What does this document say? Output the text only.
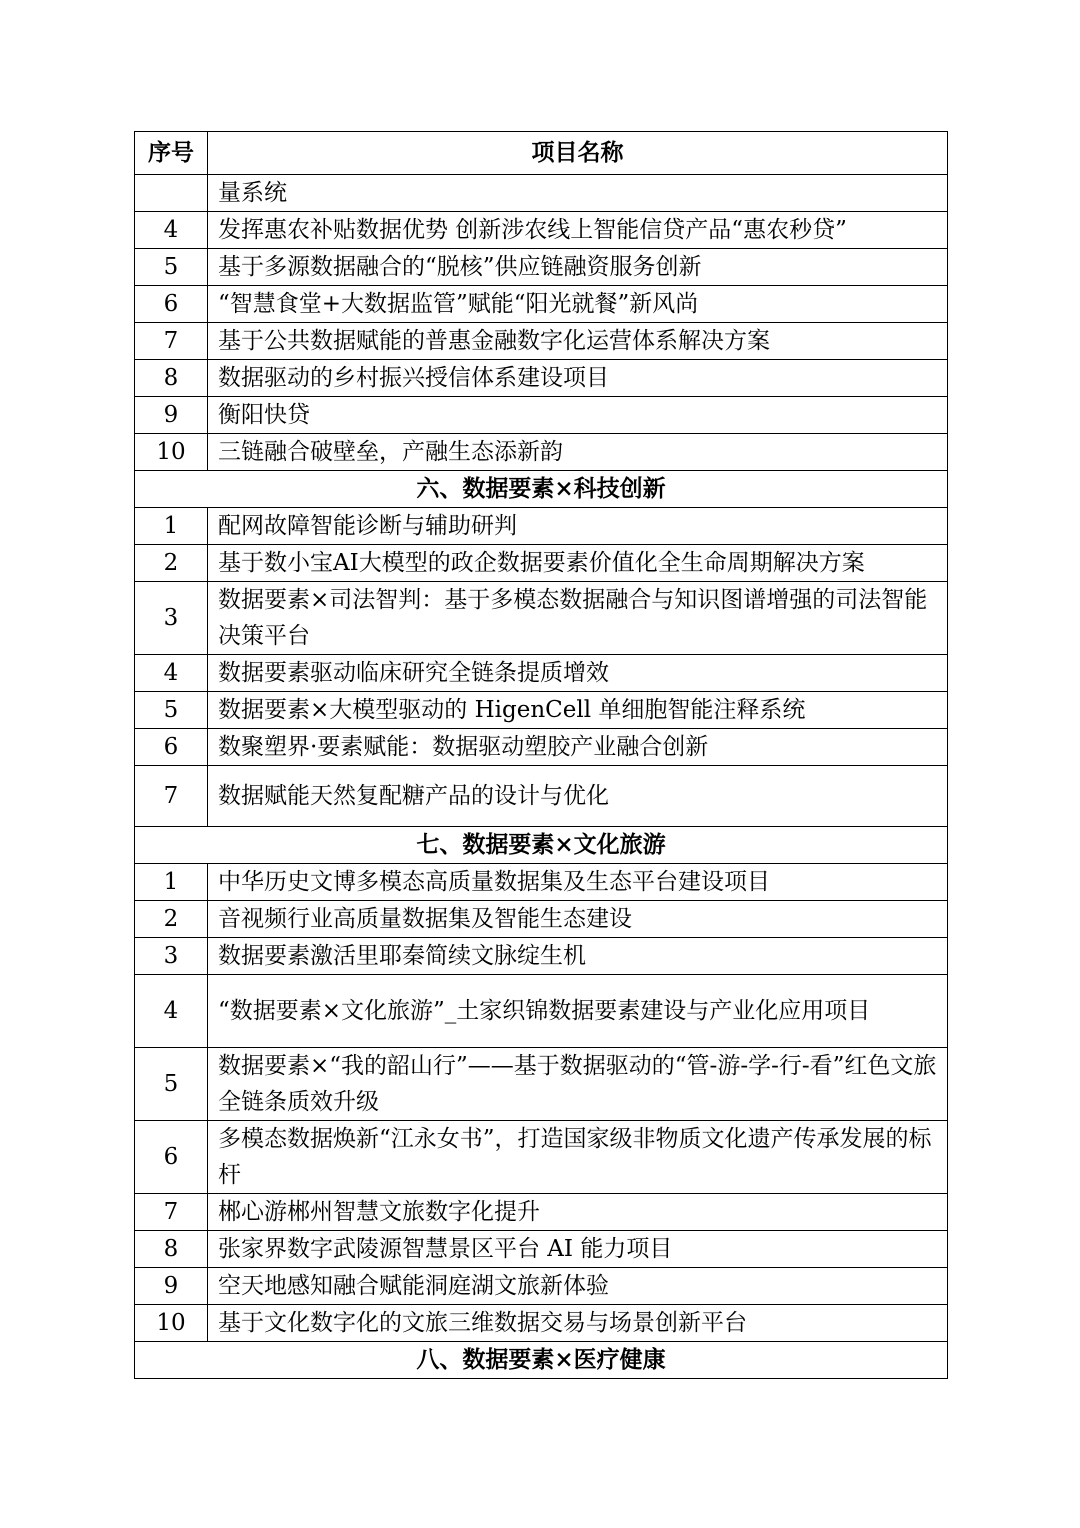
序号	项目名称
	量系统
4	发挥惠农补贴数据优势 创新涉农线上智能信贷产品“惠农秒贷”
5	基于多源数据融合的“脱核”供应链融资服务创新
6	“智慧食堂+大数据监管”赋能“阳光就餐”新风尚
7	基于公共数据赋能的普惠金融数字化运营体系解决方案
8	数据驱动的乡村振兴授信体系建设项目
9	衡阳快贷
10	三链融合破壁垒，产融生态添新韵
六、数据要素×科技创新	
1	配网故障智能诊断与辅助研判
2	基于数小宝AI大模型的政企数据要素价值化全生命周期解决方案
3	数据要素×司法智判：基于多模态数据融合与知识图谱增强的司法智能决策平台
4	数据要素驱动临床研究全链条提质增效
5	数据要素×大模型驱动的 HigenCell 单细胞智能注释系统
6	数聚塑界·要素赋能：数据驱动塑胶产业融合创新
7	数据赋能天然复配糖产品的设计与优化
七、数据要素×文化旅游	
1	中华历史文博多模态高质量数据集及生态平台建设项目
2	音视频行业高质量数据集及智能生态建设
3	数据要素激活里耶秦简续文脉绽生机
4	“数据要素×文化旅游”_土家织锦数据要素建设与产业化应用项目
5	数据要素×“我的韶山行”——基于数据驱动的“管-游-学-行-看”红色文旅全链条质效升级
6	多模态数据焕新“江永女书”，打造国家级非物质文化遗产传承发展的标杆
7	郴心游郴州智慧文旅数字化提升
8	张家界数字武陵源智慧景区平台 AI 能力项目
9	空天地感知融合赋能洞庭湖文旅新体验
10	基于文化数字化的文旅三维数据交易与场景创新平台
八、数据要素×医疗健康	
